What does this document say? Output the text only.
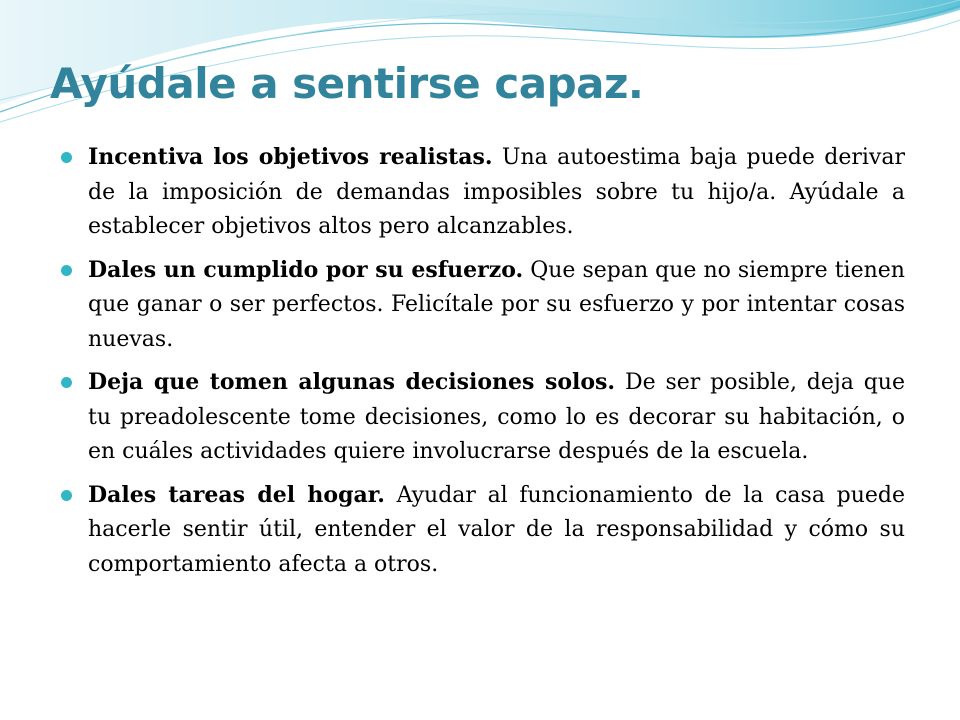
Ayúdale a sentirse capaz.
Incentiva los objetivos realistas. Una autoestima baja puede derivar de la imposición de demandas imposibles sobre tu hijo/a. Ayúdale a establecer objetivos altos pero alcanzables.
Dales un cumplido por su esfuerzo. Que sepan que no siempre tienen que ganar o ser perfectos. Felicítale por su esfuerzo y por intentar cosas nuevas.
Deja que tomen algunas decisiones solos. De ser posible, deja que tu preadolescente tome decisiones, como lo es decorar su habitación, o en cuáles actividades quiere involucrarse después de la escuela.
Dales tareas del hogar. Ayudar al funcionamiento de la casa puede hacerle sentir útil, entender el valor de la responsabilidad y cómo su comportamiento afecta a otros.
